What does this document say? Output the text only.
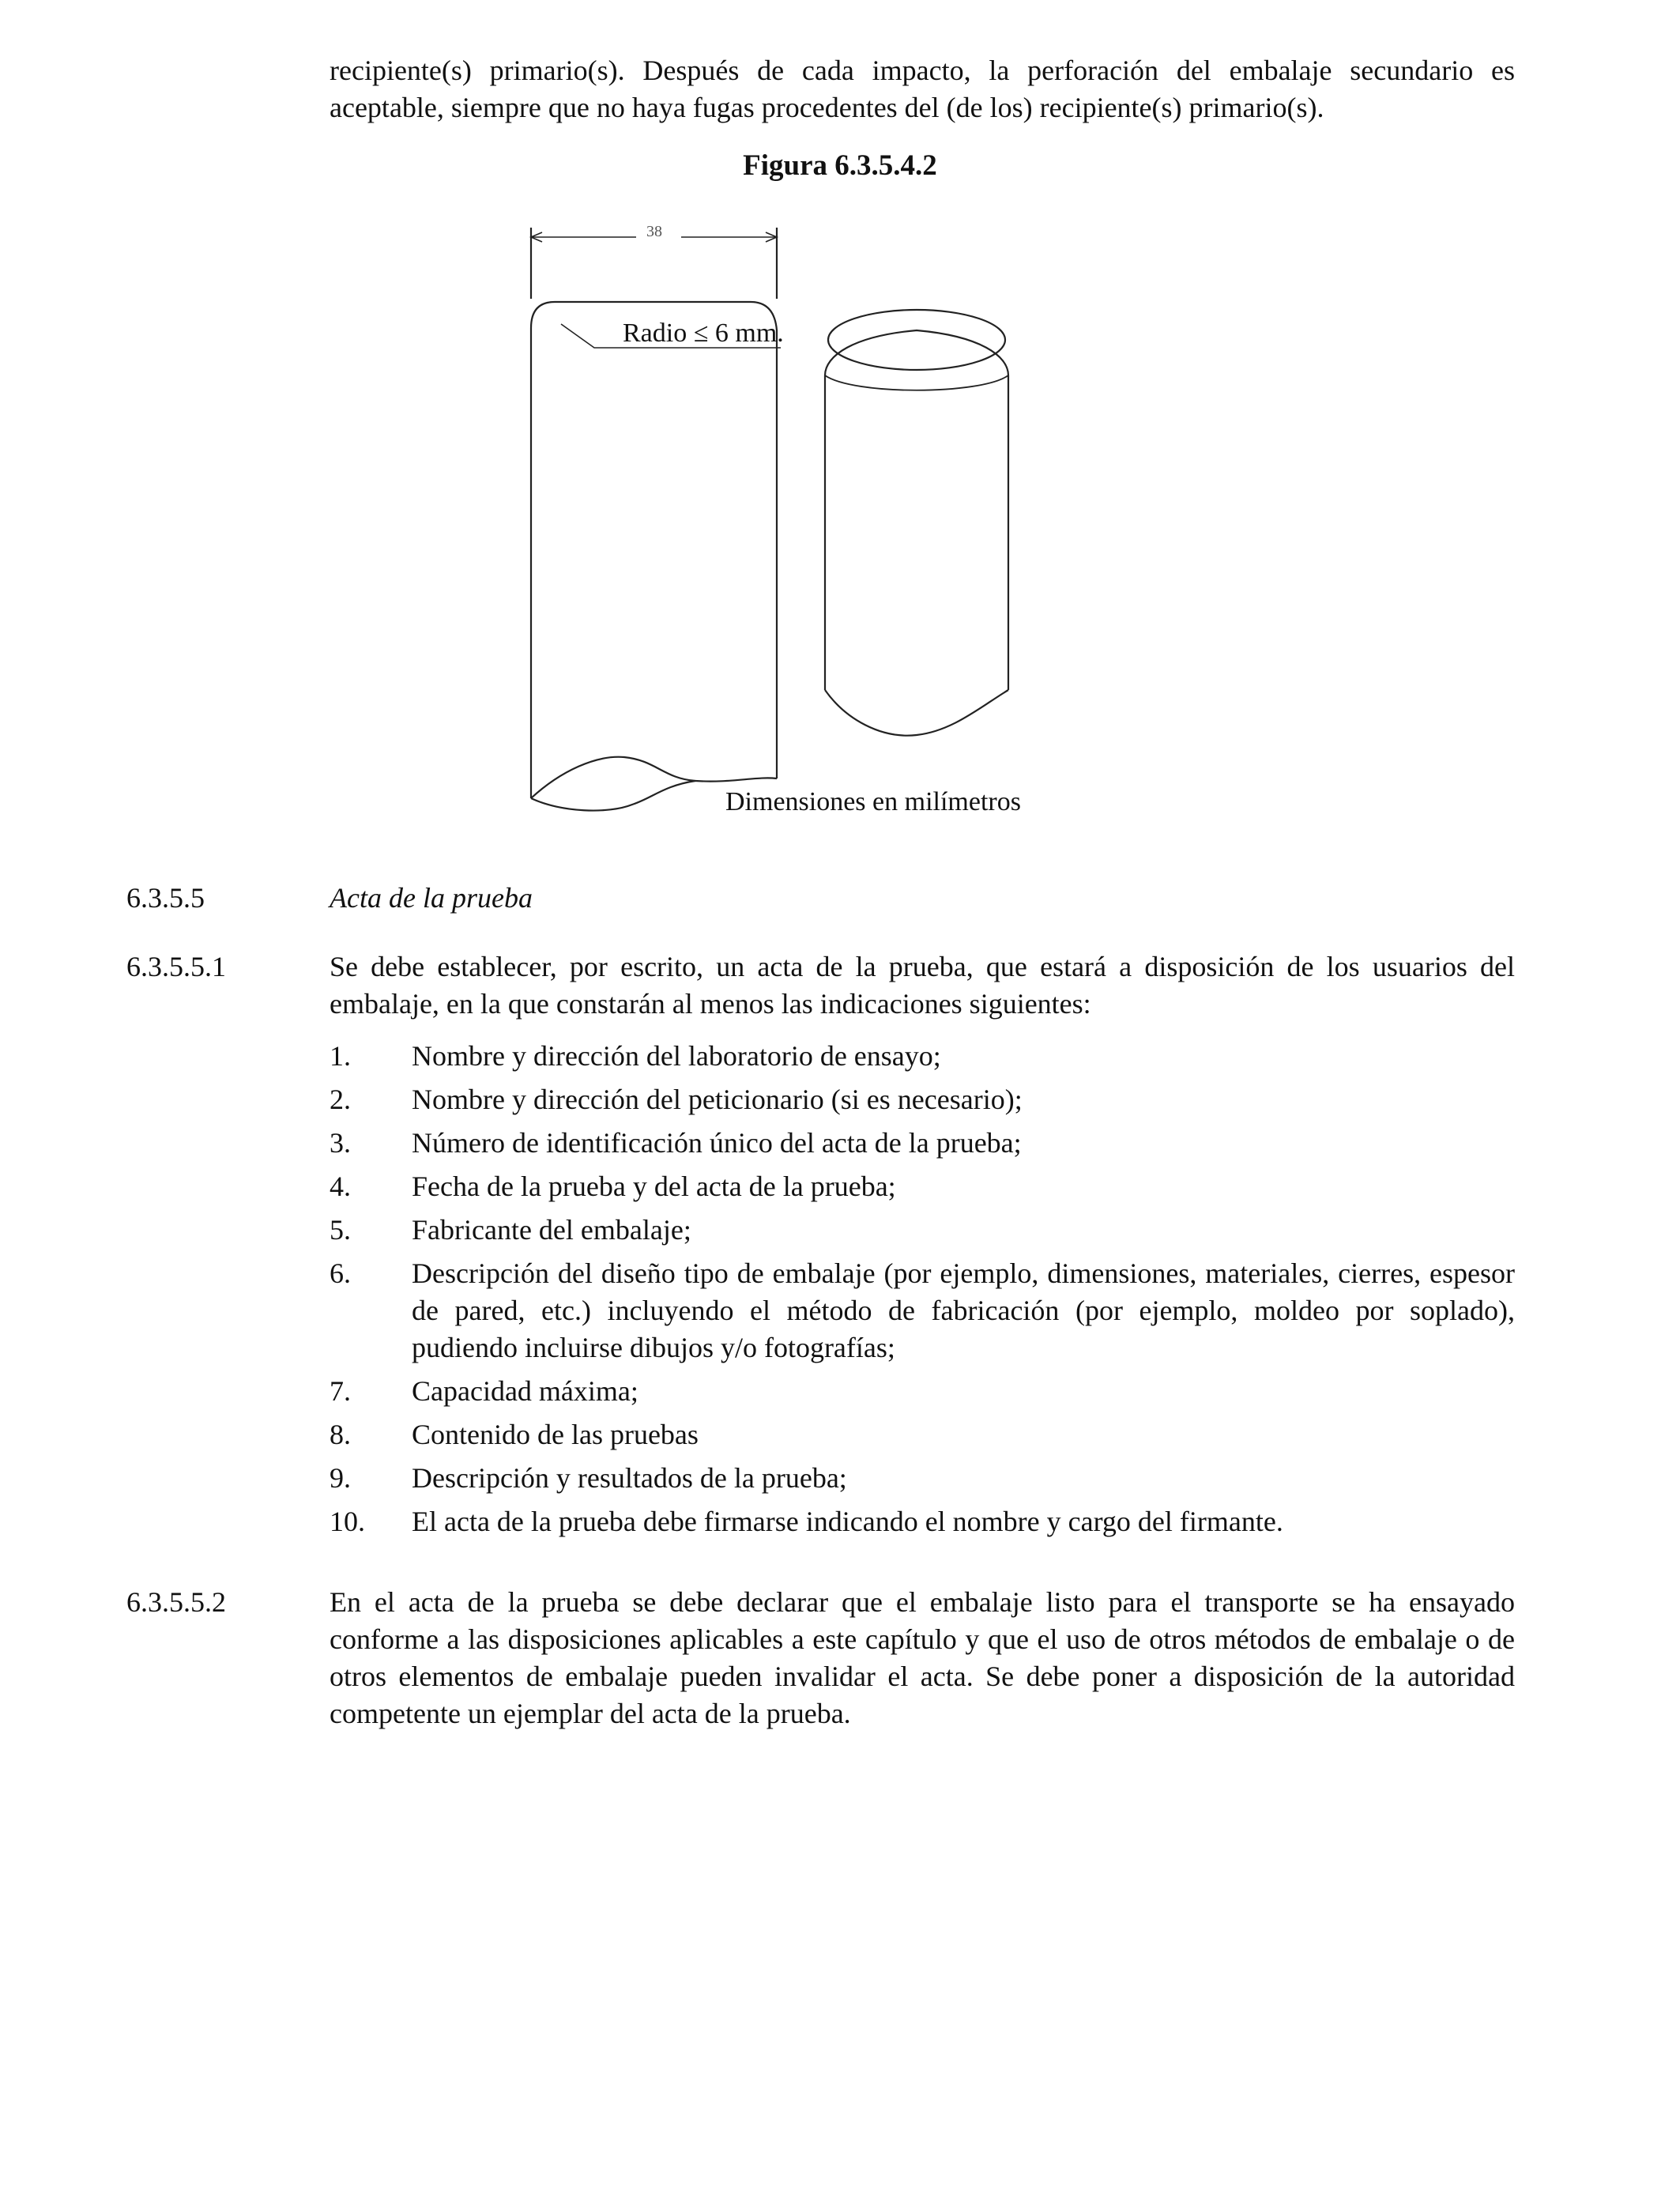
recipiente(s) primario(s). Después de cada impacto, la perforación del embalaje secundario es aceptable, siempre que no haya fugas procedentes del (de los) recipiente(s) primario(s).

Figura 6.3.5.4.2
38
Radio ≤ 6 mm.
Dimensiones en milímetros
6.3.5.5	Acta de la prueba
6.3.5.5.1	Se debe establecer, por escrito, un acta de la prueba, que estará a disposición de los usuarios del embalaje, en la que constarán al menos las indicaciones siguientes:

1.	Nombre y dirección del laboratorio de ensayo;
2.	Nombre y dirección del peticionario (si es necesario);
3.	Número de identificación único del acta de la prueba;
4.	Fecha de la prueba y del acta de la prueba;
5.	Fabricante del embalaje;
6.	Descripción del diseño tipo de embalaje (por ejemplo, dimensiones, materiales, cierres, espesor de pared, etc.) incluyendo el método de fabricación (por ejemplo, moldeo por soplado), pudiendo incluirse dibujos y/o fotografías;
7.	Capacidad máxima;
8.	Contenido de las pruebas
9.	Descripción y resultados de la prueba;
10.	El acta de la prueba debe firmarse indicando el nombre y cargo del firmante.
6.3.5.5.2	En el acta de la prueba se debe declarar que el embalaje listo para el transporte se ha ensayado conforme a las disposiciones aplicables a este capítulo y que el uso de otros métodos de embalaje o de otros elementos de embalaje pueden invalidar el acta. Se debe poner a disposición de la autoridad competente un ejemplar del acta de la prueba.
